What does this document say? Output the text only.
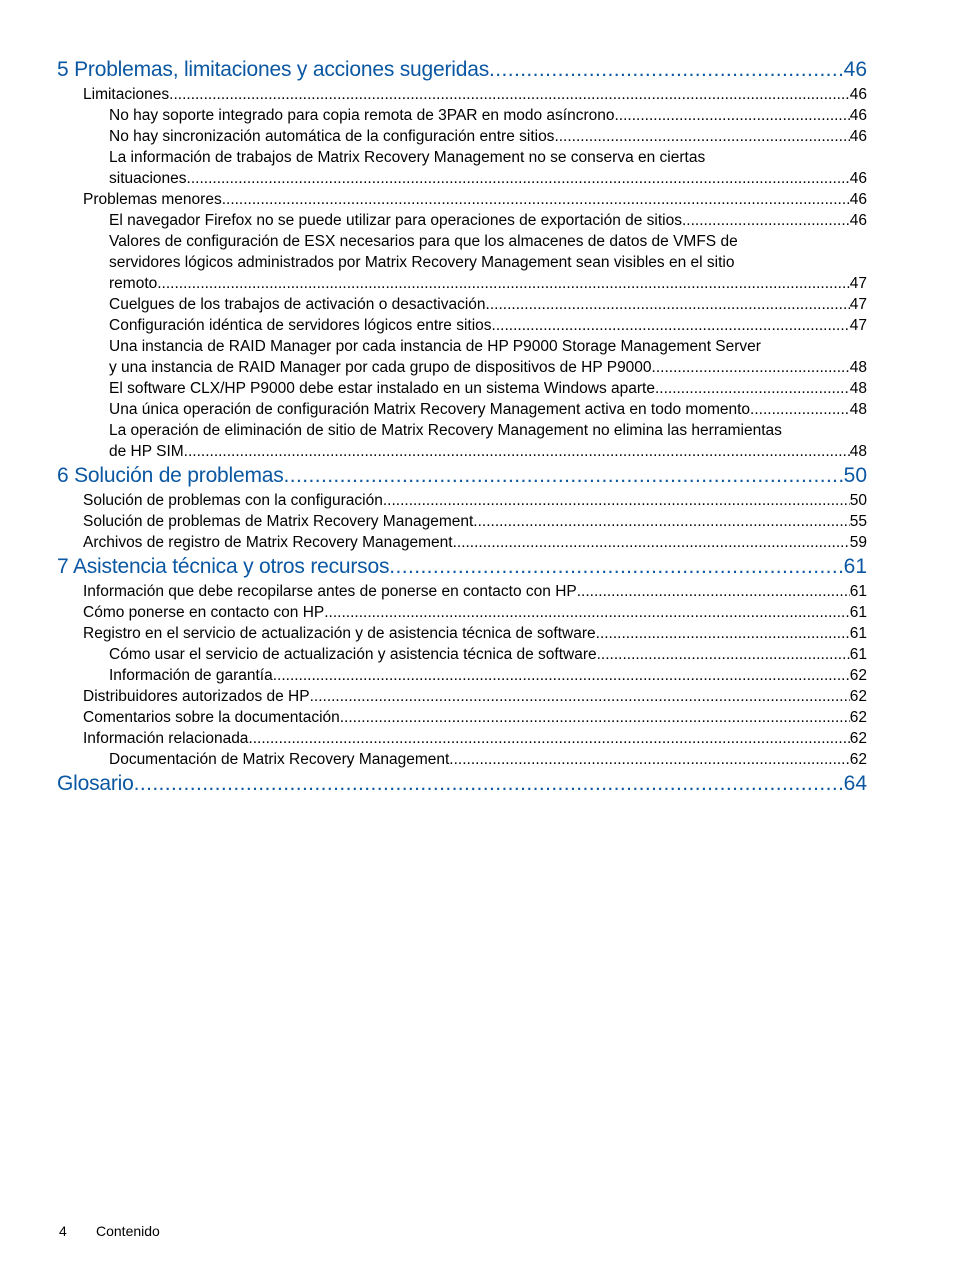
5 Problemas, limitaciones y acciones sugeridas .....	46
Limitaciones .....	46
No hay soporte integrado para copia remota de 3PAR en modo asíncrono .....	46
No hay sincronización automática de la configuración entre sitios .....	46
La información de trabajos de Matrix Recovery Management no se conserva en ciertas
situaciones .....	46
Problemas menores .....	46
El navegador Firefox no se puede utilizar para operaciones de exportación de sitios .....	46
Valores de configuración de ESX necesarios para que los almacenes de datos de VMFS de
servidores lógicos administrados por Matrix Recovery Management sean visibles en el sitio
remoto .....	47
Cuelgues de los trabajos de activación o desactivación .....	47
Configuración idéntica de servidores lógicos entre sitios .....	47
Una instancia de RAID Manager por cada instancia de HP P9000 Storage Management Server
y una instancia de RAID Manager por cada grupo de dispositivos de HP P9000 .....	48
El software CLX/HP P9000 debe estar instalado en un sistema Windows aparte .....	48
Una única operación de configuración Matrix Recovery Management activa en todo momento .....	48
La operación de eliminación de sitio de Matrix Recovery Management no elimina las herramientas
de HP SIM .....	48
6 Solución de problemas .....	50
Solución de problemas con la configuración .....	50
Solución de problemas de Matrix Recovery Management .....	55
Archivos de registro de Matrix Recovery Management .....	59
7 Asistencia técnica y otros recursos .....	61
Información que debe recopilarse antes de ponerse en contacto con HP .....	61
Cómo ponerse en contacto con HP .....	61
Registro en el servicio de actualización y de asistencia técnica de software .....	61
Cómo usar el servicio de actualización y asistencia técnica de software .....	61
Información de garantía .....	62
Distribuidores autorizados de HP .....	62
Comentarios sobre la documentación .....	62
Información relacionada .....	62
Documentación de Matrix Recovery Management .....	62
Glosario .....	64
4 Contenido
